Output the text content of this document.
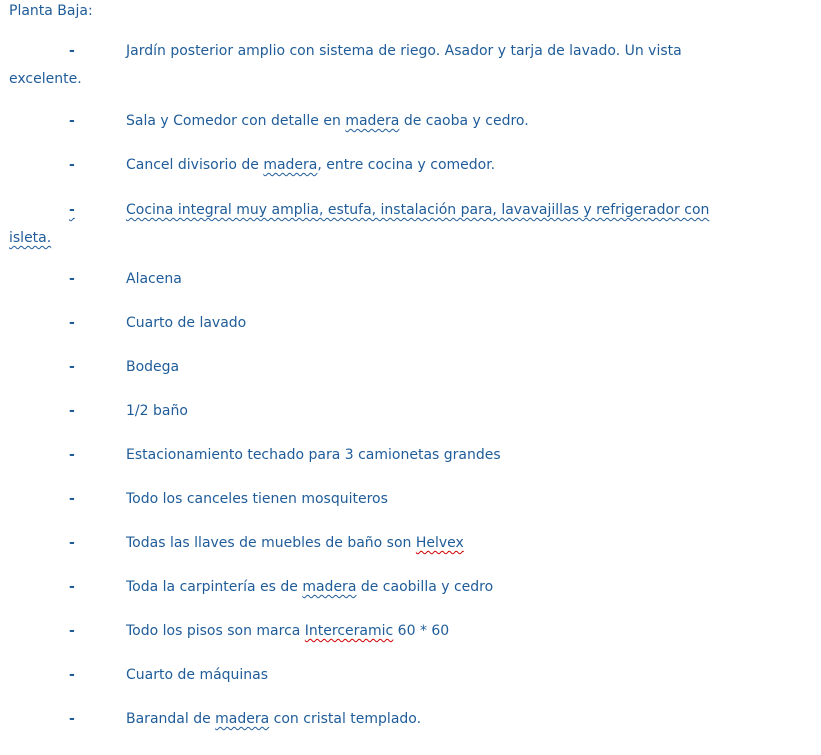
Planta Baja:
-	Jardín posterior amplio con sistema de riego. Asador y tarja de lavado. Un vista
excelente.
-	Sala y Comedor con detalle en madera de caoba y cedro.
-	Cancel divisorio de madera, entre cocina y comedor.
-	Cocina integral muy amplia, estufa, instalación para, lavavajillas y refrigerador con
isleta.
-	Alacena
-	Cuarto de lavado
-	Bodega
-	1/2 baño
-	Estacionamiento techado para 3 camionetas grandes
-	Todo los canceles tienen mosquiteros
-	Todas las llaves de muebles de baño son Helvex
-	Toda la carpintería es de madera de caobilla y cedro
-	Todo los pisos son marca Interceramic 60 * 60
-	Cuarto de máquinas
-	Barandal de madera con cristal templado.
